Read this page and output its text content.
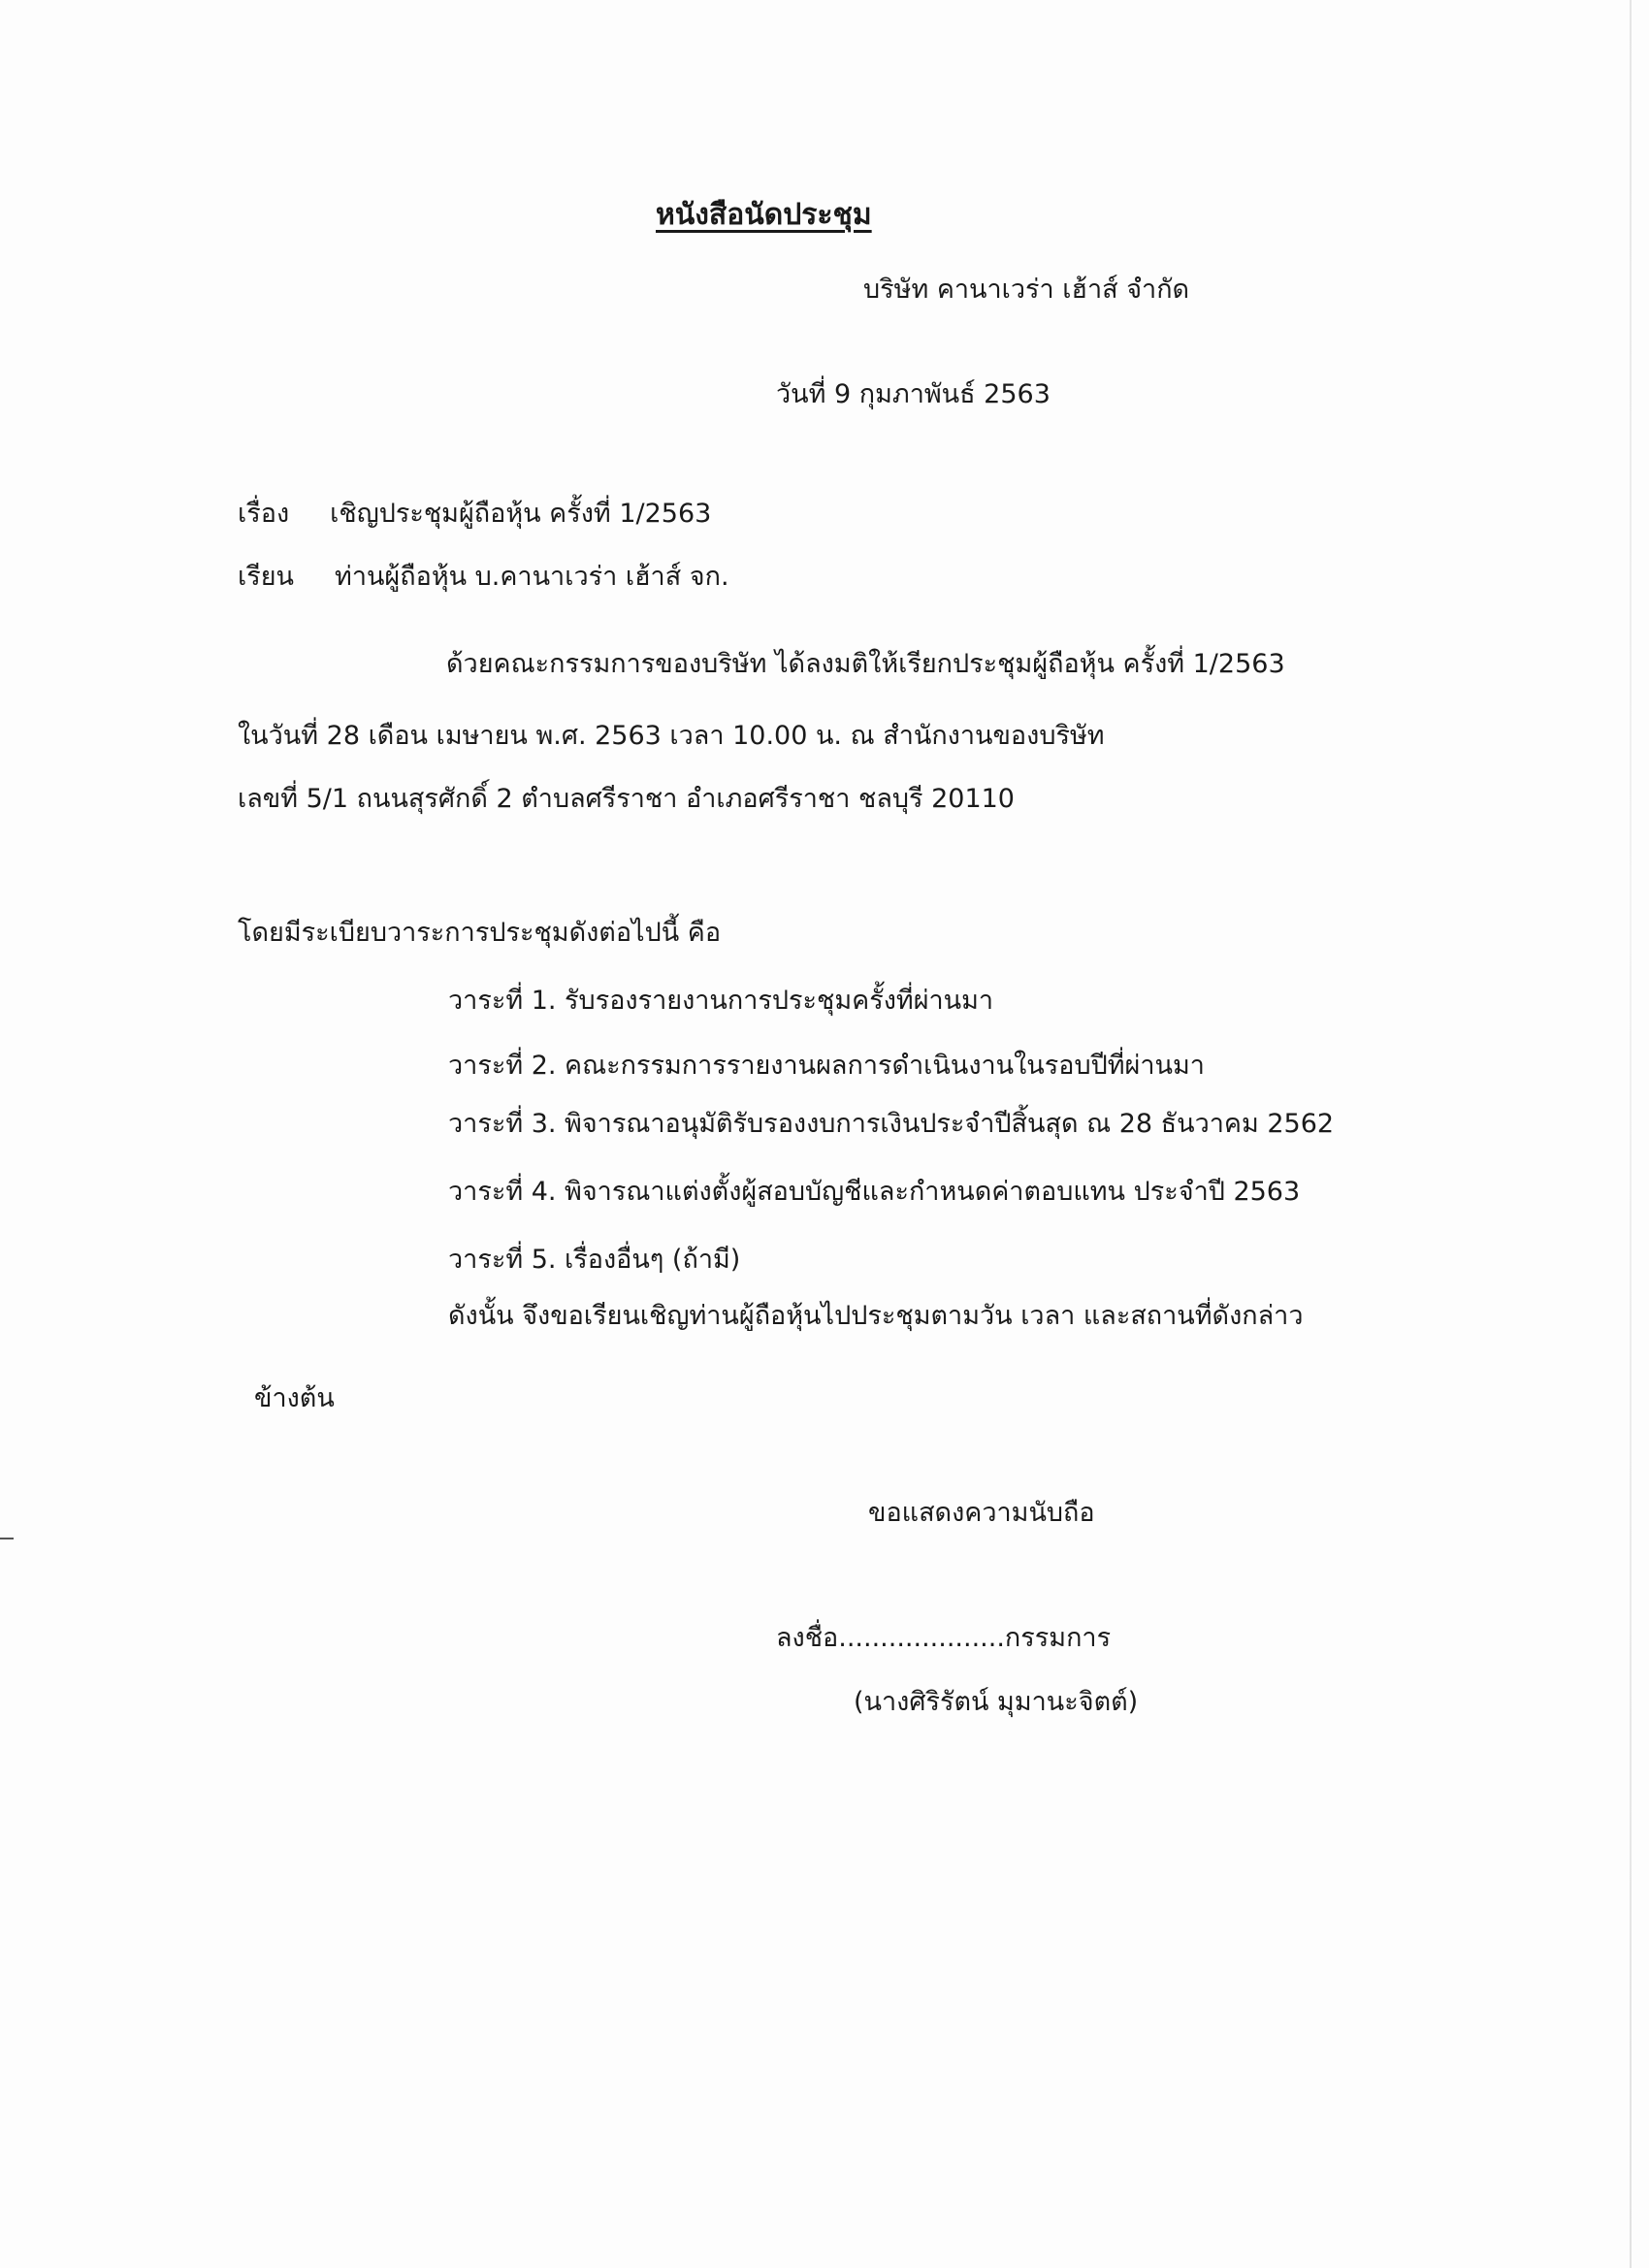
หนังสือนัดประชุม
บริษัท คานาเวร่า เฮ้าส์ จำกัด
วันที่ 9 กุมภาพันธ์ 2563
เรื่อง เชิญประชุมผู้ถือหุ้น ครั้งที่ 1/2563
เรียน ท่านผู้ถือหุ้น บ.คานาเวร่า เฮ้าส์ จก.
ด้วยคณะกรรมการของบริษัท ได้ลงมติให้เรียกประชุมผู้ถือหุ้น ครั้งที่ 1/2563
ในวันที่ 28 เดือน เมษายน พ.ศ. 2563 เวลา 10.00 น. ณ สำนักงานของบริษัท
เลขที่ 5/1 ถนนสุรศักดิ์ 2 ตำบลศรีราชา อำเภอศรีราชา ชลบุรี 20110
โดยมีระเบียบวาระการประชุมดังต่อไปนี้ คือ
วาระที่ 1. รับรองรายงานการประชุมครั้งที่ผ่านมา
วาระที่ 2. คณะกรรมการรายงานผลการดำเนินงานในรอบปีที่ผ่านมา
วาระที่ 3. พิจารณาอนุมัติรับรองงบการเงินประจำปีสิ้นสุด ณ 28 ธันวาคม 2562
วาระที่ 4. พิจารณาแต่งตั้งผู้สอบบัญชีและกำหนดค่าตอบแทน ประจำปี 2563
วาระที่ 5. เรื่องอื่นๆ (ถ้ามี)
ดังนั้น จึงขอเรียนเชิญท่านผู้ถือหุ้นไปประชุมตามวัน เวลา และสถานที่ดังกล่าว
ข้างต้น
ขอแสดงความนับถือ
ลงชื่อ....................กรรมการ
(นางศิริรัตน์ มุมานะจิตต์)
